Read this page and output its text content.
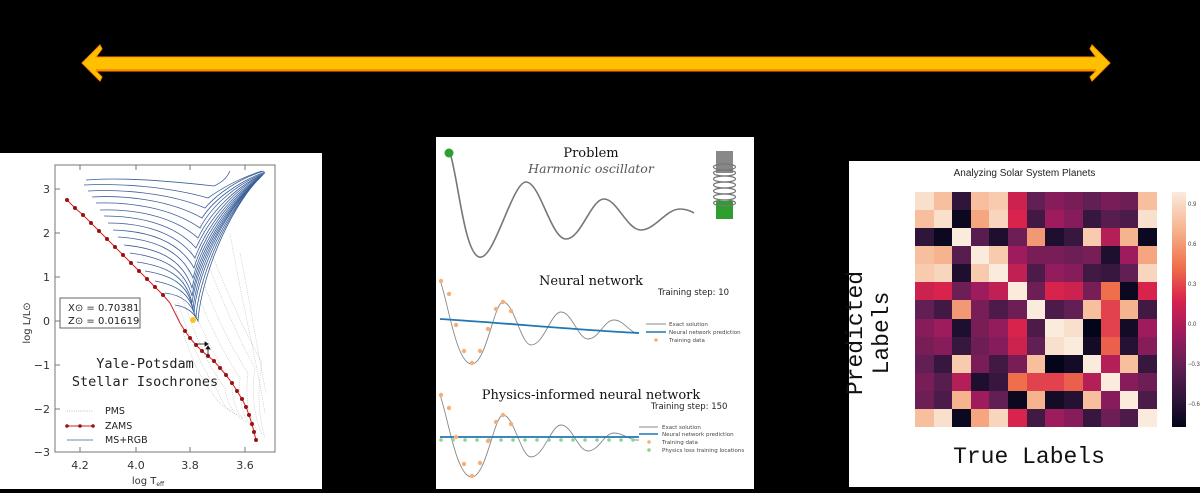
3
2
1
0
−1
−2
−3
4.2	4.0	3.8	3.6
$\log T_{eff}$
log L/L⊙	X⊙ = 0.70381
Z⊙ = 0.01619
Yale-Potsdam
Stellar Isochrones
PMS
ZAMS
MS+RGB
Problem
Harmonic oscillator
Neural network
Training step: 10
Exact solution
Neural network prediction
Training data
Physics-informed neural network
Training step: 150
Exact solution
Neural network prediction
Training data
Physics loss training locations
Analyzing Solar System Planets
Predicted Labels
0.9
0.6
0.3
0.0
−0.3
−0.6
True Labels
